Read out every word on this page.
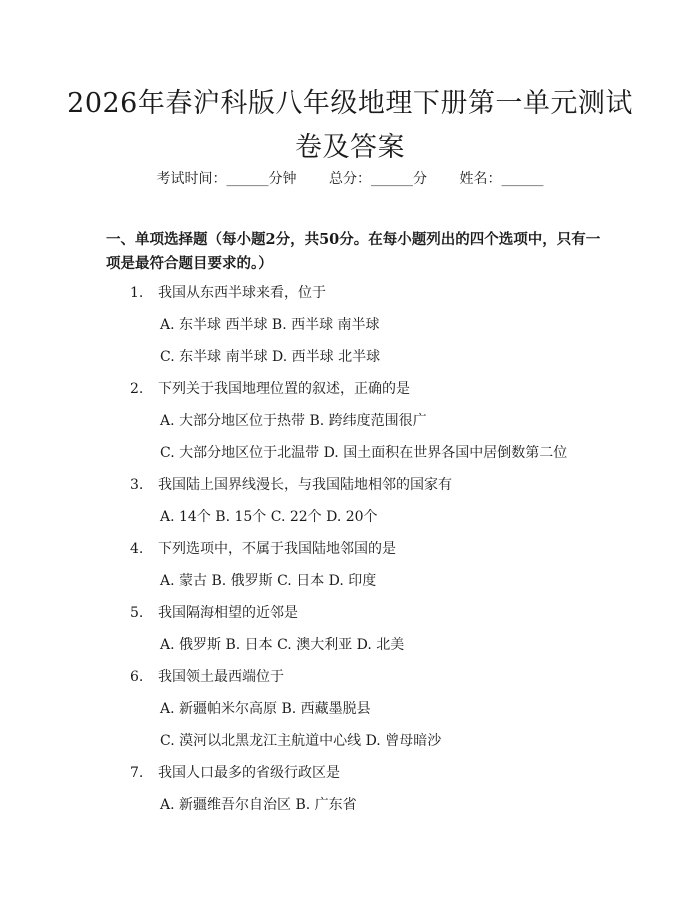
2026年春沪科版八年级地理下册第一单元测试卷及答案
考试时间：______分钟 总分：______分 姓名：______
一、单项选择题（每小题2分，共50分。在每小题列出的四个选项中，只有一项是最符合题目要求的。）
1. 我国从东西半球来看，位于
A. 东半球 西半球 B. 西半球 南半球
C. 东半球 南半球 D. 西半球 北半球
2. 下列关于我国地理位置的叙述，正确的是
A. 大部分地区位于热带 B. 跨纬度范围很广
C. 大部分地区位于北温带 D. 国土面积在世界各国中居倒数第二位
3. 我国陆上国界线漫长，与我国陆地相邻的国家有
A. 14个 B. 15个 C. 22个 D. 20个
4. 下列选项中，不属于我国陆地邻国的是
A. 蒙古 B. 俄罗斯 C. 日本 D. 印度
5. 我国隔海相望的近邻是
A. 俄罗斯 B. 日本 C. 澳大利亚 D. 北美
6. 我国领土最西端位于
A. 新疆帕米尔高原 B. 西藏墨脱县
C. 漠河以北黑龙江主航道中心线 D. 曾母暗沙
7. 我国人口最多的省级行政区是
A. 新疆维吾尔自治区 B. 广东省
